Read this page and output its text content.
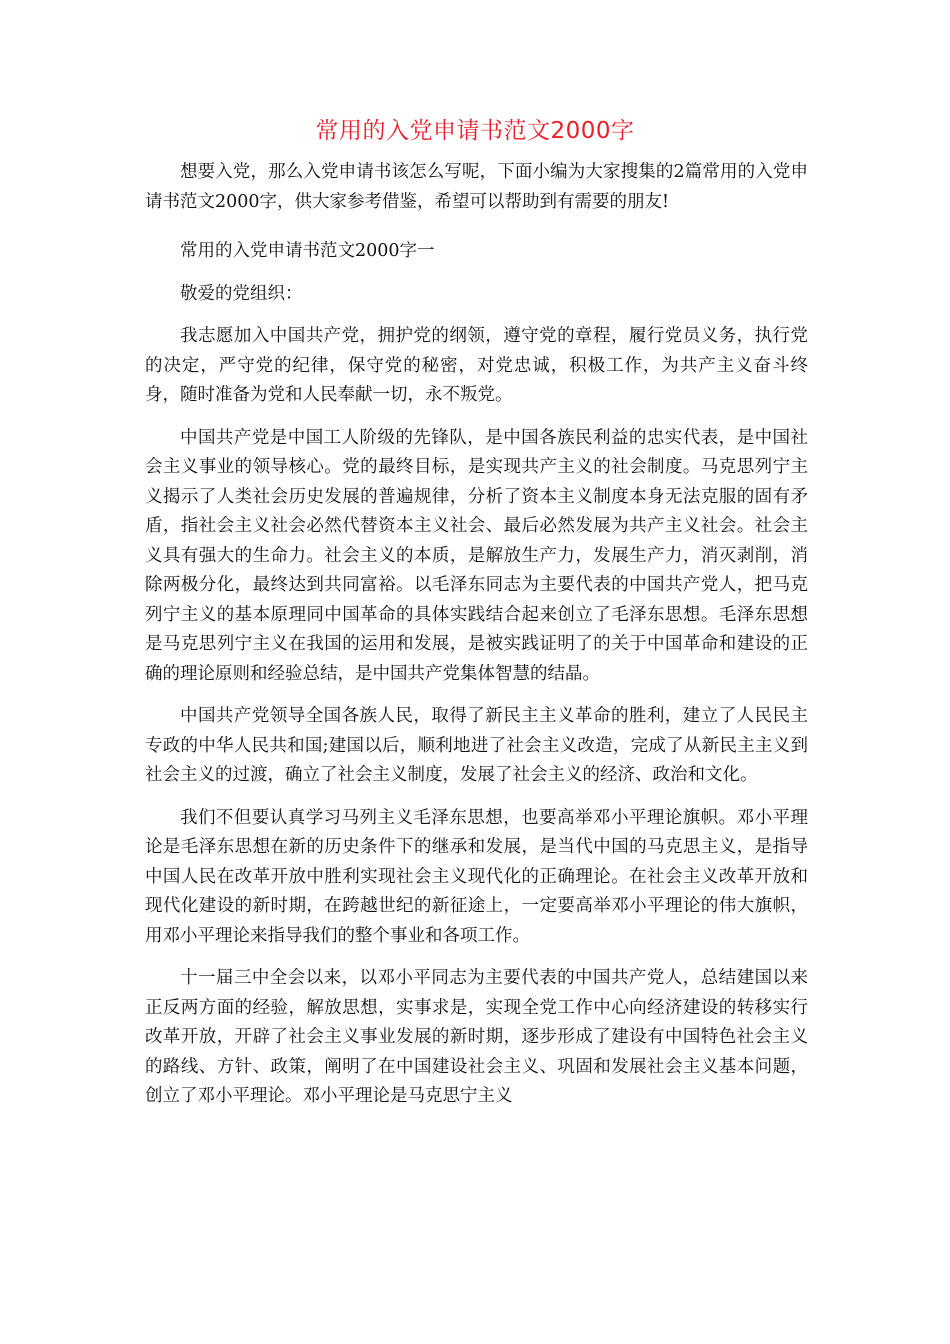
常用的入党申请书范文2000字

想要入党，那么入党申请书该怎么写呢，下面小编为大家搜集的2篇常用的入党申请书范文2000字，供大家参考借鉴，希望可以帮助到有需要的朋友!

常用的入党申请书范文2000字一

敬爱的党组织：

我志愿加入中国共产党，拥护党的纲领，遵守党的章程，履行党员义务，执行党的决定，严守党的纪律，保守党的秘密，对党忠诚，积极工作，为共产主义奋斗终身，随时准备为党和人民奉献一切，永不叛党。

中国共产党是中国工人阶级的先锋队，是中国各族民利益的忠实代表，是中国社会主义事业的领导核心。党的最终目标，是实现共产主义的社会制度。马克思列宁主义揭示了人类社会历史发展的普遍规律，分析了资本主义制度本身无法克服的固有矛盾，指社会主义社会必然代替资本主义社会、最后必然发展为共产主义社会。社会主义具有强大的生命力。社会主义的本质，是解放生产力，发展生产力，消灭剥削，消除两极分化，最终达到共同富裕。以毛泽东同志为主要代表的中国共产党人，把马克列宁主义的基本原理同中国革命的具体实践结合起来创立了毛泽东思想。毛泽东思想是马克思列宁主义在我国的运用和发展，是被实践证明了的关于中国革命和建设的正确的理论原则和经验总结，是中国共产党集体智慧的结晶。

中国共产党领导全国各族人民，取得了新民主主义革命的胜利，建立了人民民主专政的中华人民共和国;建国以后，顺利地进了社会主义改造，完成了从新民主主义到社会主义的过渡，确立了社会主义制度，发展了社会主义的经济、政治和文化。

我们不但要认真学习马列主义毛泽东思想，也要高举邓小平理论旗帜。邓小平理论是毛泽东思想在新的历史条件下的继承和发展，是当代中国的马克思主义，是指导中国人民在改革开放中胜利实现社会主义现代化的正确理论。在社会主义改革开放和现代化建设的新时期，在跨越世纪的新征途上，一定要高举邓小平理论的伟大旗帜，用邓小平理论来指导我们的整个事业和各项工作。

十一届三中全会以来，以邓小平同志为主要代表的中国共产党人，总结建国以来正反两方面的经验，解放思想，实事求是，实现全党工作中心向经济建设的转移实行改革开放，开辟了社会主义事业发展的新时期，逐步形成了建设有中国特色社会主义的路线、方针、政策，阐明了在中国建设社会主义、巩固和发展社会主义基本问题，创立了邓小平理论。邓小平理论是马克思宁主义
